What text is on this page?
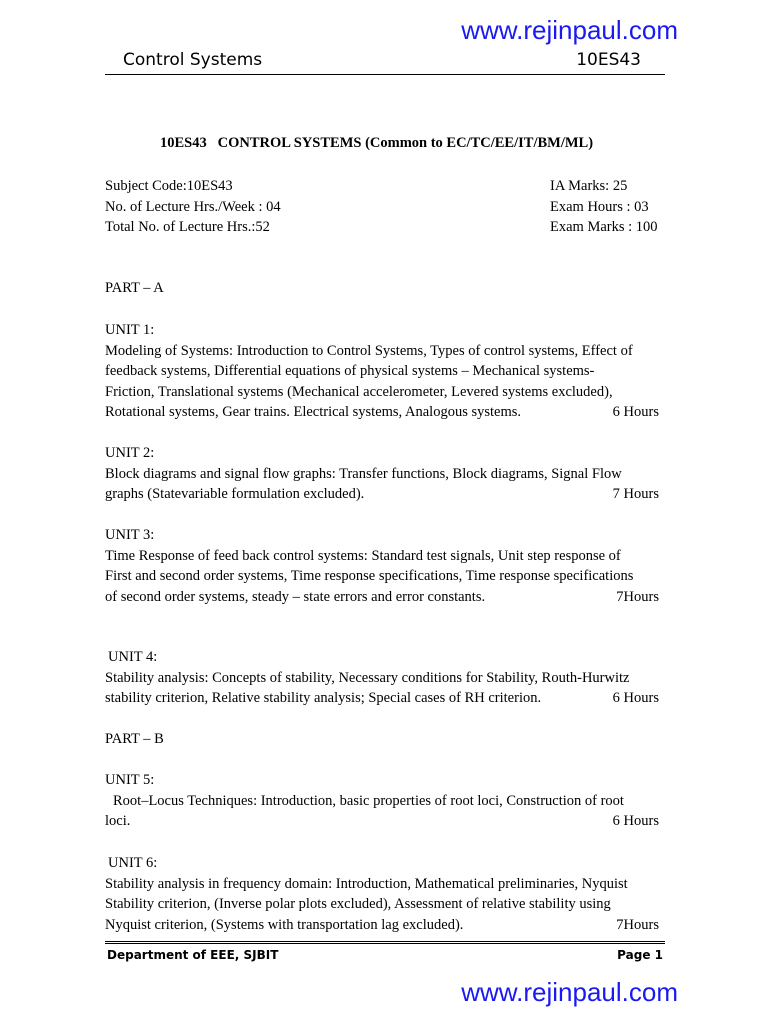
www.rejinpaul.com
Control Systems	10ES43
10ES43   CONTROL SYSTEMS (Common to EC/TC/EE/IT/BM/ML)
Subject Code:10ES43	IA Marks: 25
No. of Lecture Hrs./Week : 04	Exam Hours : 03
Total No. of Lecture Hrs.:52	Exam Marks : 100
PART – A
UNIT 1:
Modeling of Systems: Introduction to Control Systems, Types of control systems, Effect of
feedback systems, Differential equations of physical systems – Mechanical systems-
Friction, Translational systems (Mechanical accelerometer, Levered systems excluded),
Rotational systems, Gear trains. Electrical systems, Analogous systems.	6 Hours
UNIT 2:
Block diagrams and signal flow graphs: Transfer functions, Block diagrams, Signal Flow
graphs (Statevariable formulation excluded).	7 Hours
UNIT 3:
Time Response of feed back control systems: Standard test signals, Unit step response of
First and second order systems, Time response specifications, Time response specifications
of second order systems, steady – state errors and error constants.	7Hours
UNIT 4:
Stability analysis: Concepts of stability, Necessary conditions for Stability, Routh-Hurwitz
stability criterion, Relative stability analysis; Special cases of RH criterion.	6 Hours
PART – B
UNIT 5:
Root–Locus Techniques: Introduction, basic properties of root loci, Construction of root
loci.	6 Hours
UNIT 6:
Stability analysis in frequency domain: Introduction, Mathematical preliminaries, Nyquist
Stability criterion, (Inverse polar plots excluded), Assessment of relative stability using
Nyquist criterion, (Systems with transportation lag excluded).	7Hours
Department of EEE, SJBIT	Page 1
www.rejinpaul.com
